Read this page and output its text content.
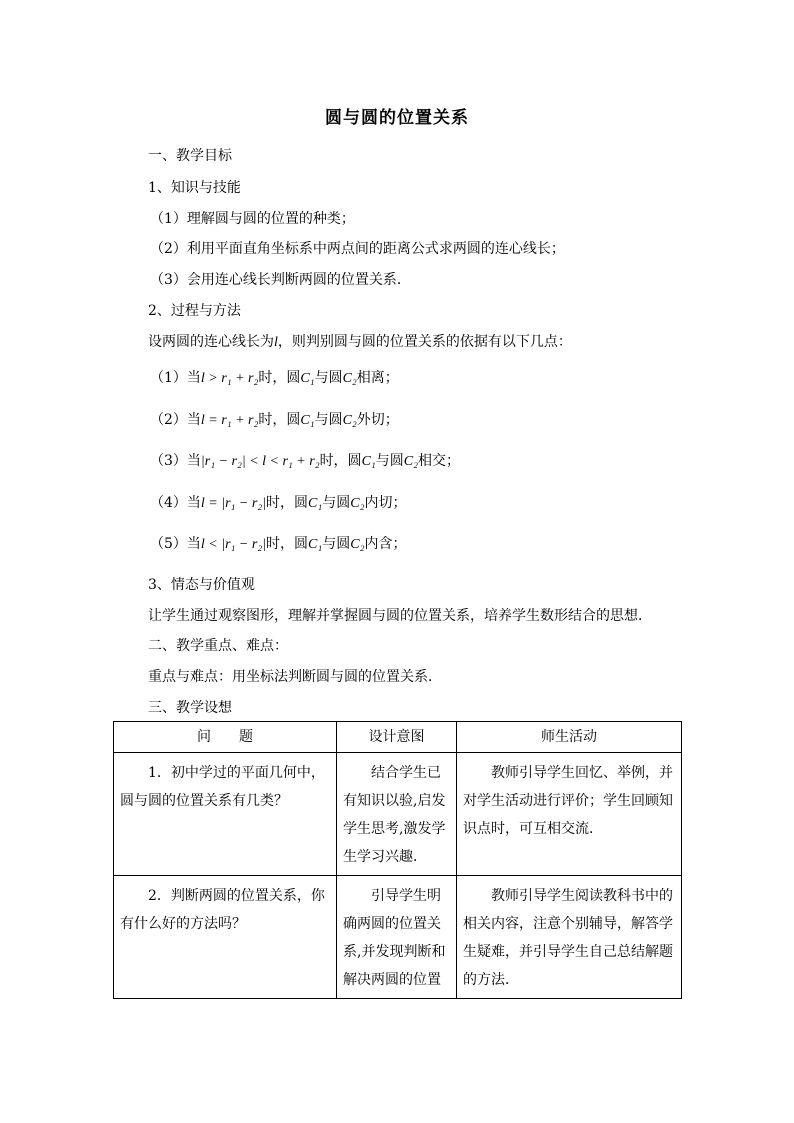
圆与圆的位置关系
一、教学目标
1、知识与技能
（1）理解圆与圆的位置的种类；
（2）利用平面直角坐标系中两点间的距离公式求两圆的连心线长；
（3）会用连心线长判断两圆的位置关系．
2、过程与方法
设两圆的连心线长为l，则判别圆与圆的位置关系的依据有以下几点：
（1）当l > r₁ + r₂时，圆C₁与圆C₂相离；
（2）当l = r₁ + r₂时，圆C₁与圆C₂外切；
（3）当|r₁ − r₂| < l < r₁ + r₂时，圆C₁与圆C₂相交；
（4）当l = |r₁ − r₂|时，圆C₁与圆C₂内切；
（5）当l < |r₁ − r₂|时，圆C₁与圆C₂内含；
3、情态与价值观
让学生通过观察图形，理解并掌握圆与圆的位置关系，培养学生数形结合的思想．
二、教学重点、难点：
重点与难点：用坐标法判断圆与圆的位置关系．
三、教学设想
问　　题	设计意图	师生活动
1．初中学过的平面几何中，圆与圆的位置关系有几类？	结合学生已有知识以验,启发学生思考,激发学生学习兴趣．	教师引导学生回忆、举例，并对学生活动进行评价；学生回顾知识点时，可互相交流．
2．判断两圆的位置关系，你有什么好的方法吗？	引导学生明确两圆的位置关系,并发现判断和解决两圆的位置	教师引导学生阅读教科书中的相关内容，注意个别辅导，解答学生疑难，并引导学生自己总结解题的方法．
